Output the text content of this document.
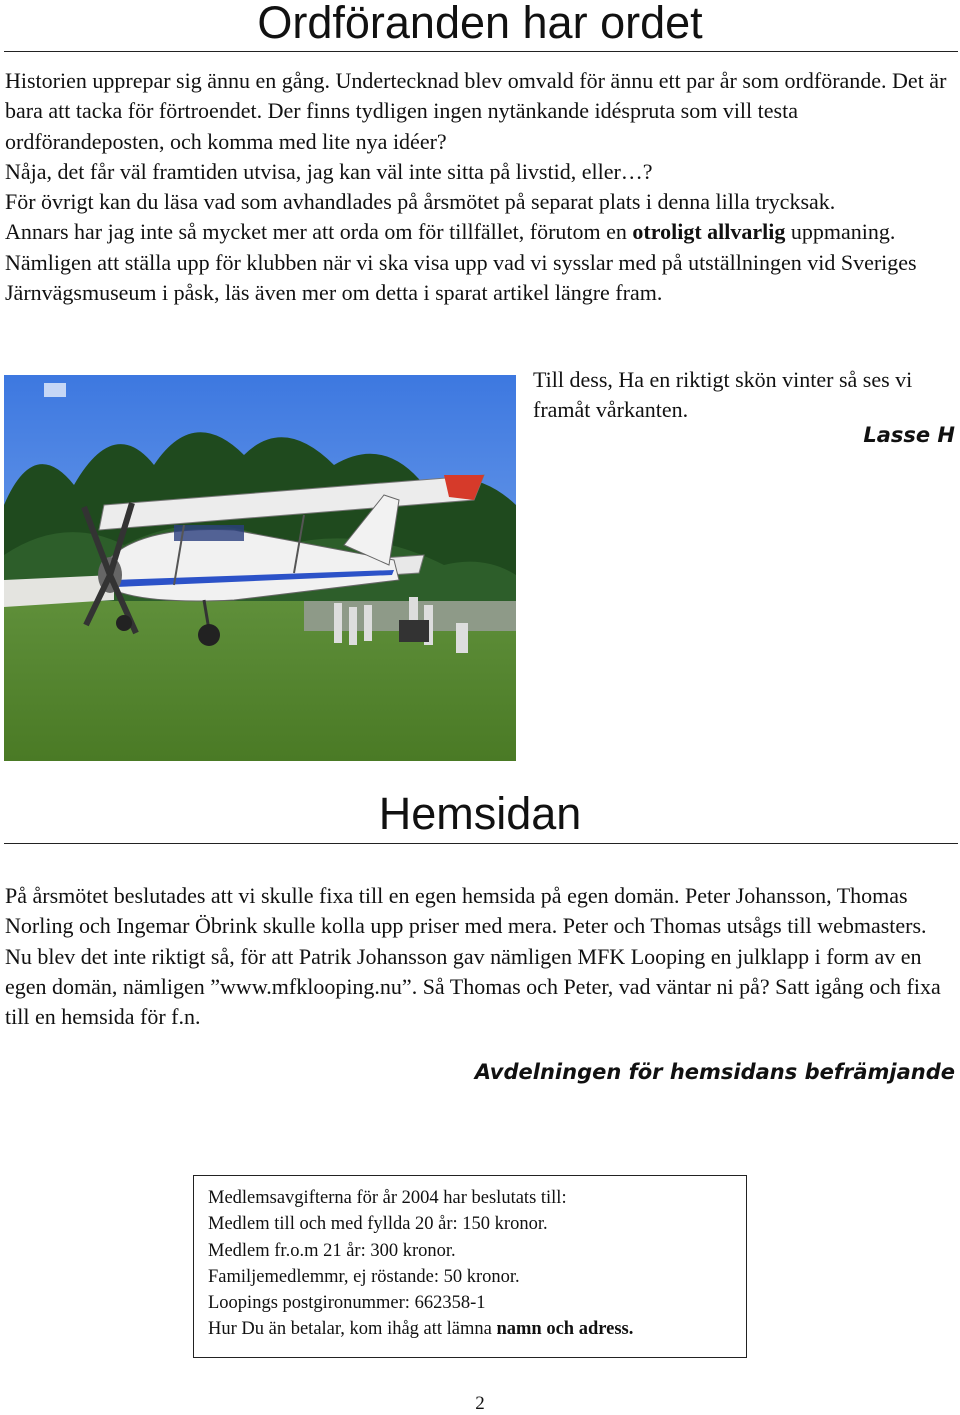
Ordföranden har ordet

Historien upprepar sig ännu en gång. Undertecknad blev omvald för ännu ett par år som ordförande. Det är bara att tacka för förtroendet. Der finns tydligen ingen nytänkande idéspruta som vill testa ordförandeposten, och komma med lite nya idéer?

Nåja, det får väl framtiden utvisa, jag kan väl inte sitta på livstid, eller…?

För övrigt kan du läsa vad som avhandlades på årsmötet på separat plats i denna lilla trycksak.

Annars har jag inte så mycket mer att orda om för tillfället, förutom en otroligt allvarlig uppmaning. Nämligen att ställa upp för klubben när vi ska visa upp vad vi sysslar med på utställningen vid Sveriges Järnvägsmuseum i påsk, läs även mer om detta i sparat artikel längre fram.

Till dess, Ha en riktigt skön vinter så ses vi framåt vårkanten.
Lasse H
Hemsidan
På årsmötet beslutades att vi skulle fixa till en egen hemsida på egen domän. Peter Johansson, Thomas Norling och Ingemar Öbrink skulle kolla upp priser med mera. Peter och Thomas utsågs till webmasters. Nu blev det inte riktigt så, för att Patrik Johansson gav nämligen MFK Looping en julklapp i form av en egen domän, nämligen ”www.mfklooping.nu”. Så Thomas och Peter, vad väntar ni på? Satt igång och fixa till en hemsida för f.n.
Avdelningen för hemsidans befrämjande
Medlemsavgifterna för år 2004 har beslutats till:
Medlem till och med fyllda 20 år: 150 kronor.
Medlem fr.o.m 21 år: 300 kronor.
Familjemedlemmr, ej röstande: 50 kronor.
Loopings postgironummer: 662358-1
Hur Du än betalar, kom ihåg att lämna namn och adress.
2
